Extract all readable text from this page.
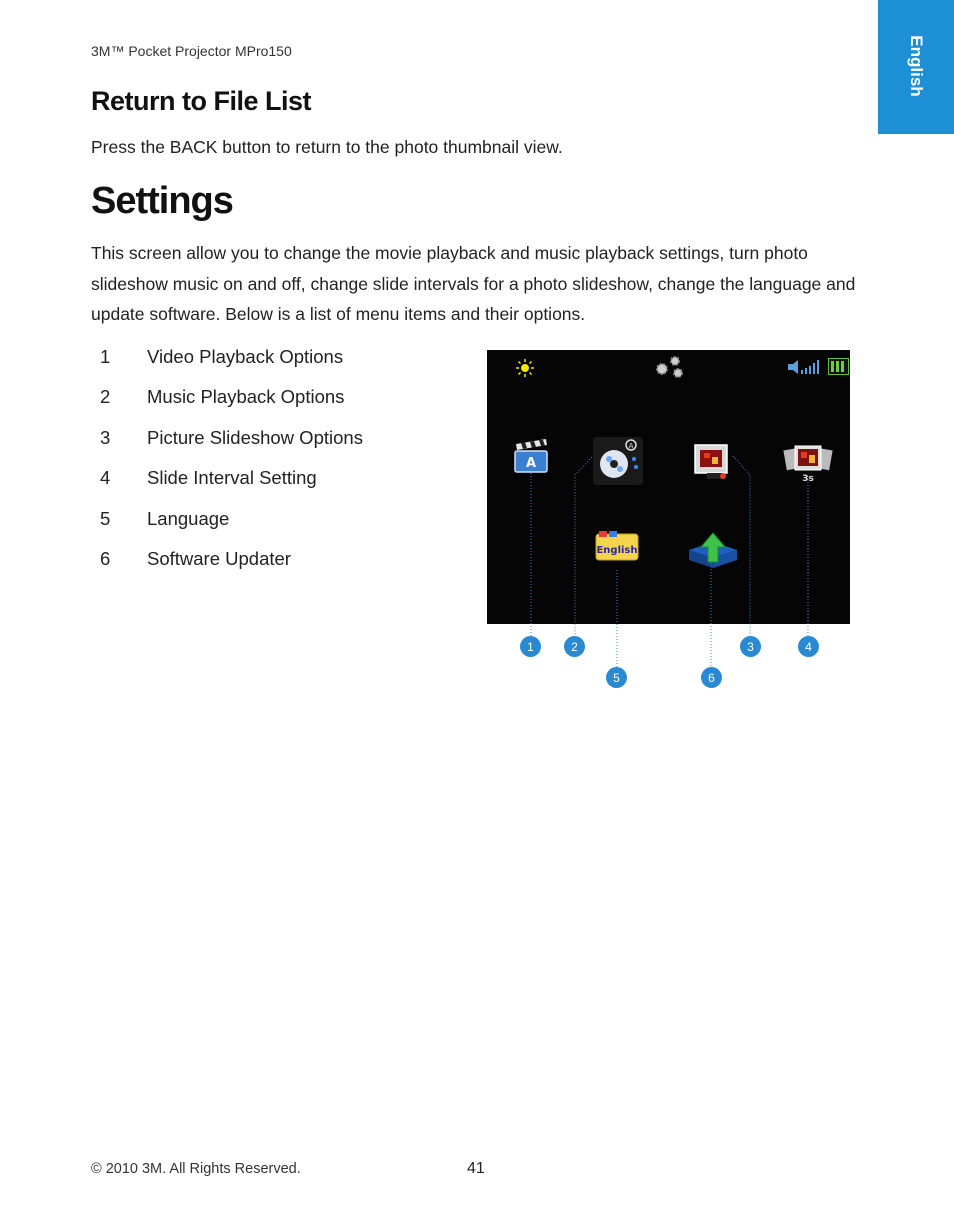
English
3M™ Pocket Projector MPro150
Return to File List
Press the BACK button to return to the photo thumbnail view.
Settings
This screen allow you to change the movie playback and music playback settings, turn photo slideshow music on and off, change slide intervals for a photo slideshow, change the language and update software. Below is a list of menu items and their options.
1	Video Playback Options
2	Music Playback Options
3	Picture Slideshow Options
4	Slide Interval Setting
5	Language
6	Software Updater
A
A
3s
English
1	2	3	4
5	6
© 2010 3M. All Rights Reserved.	41
